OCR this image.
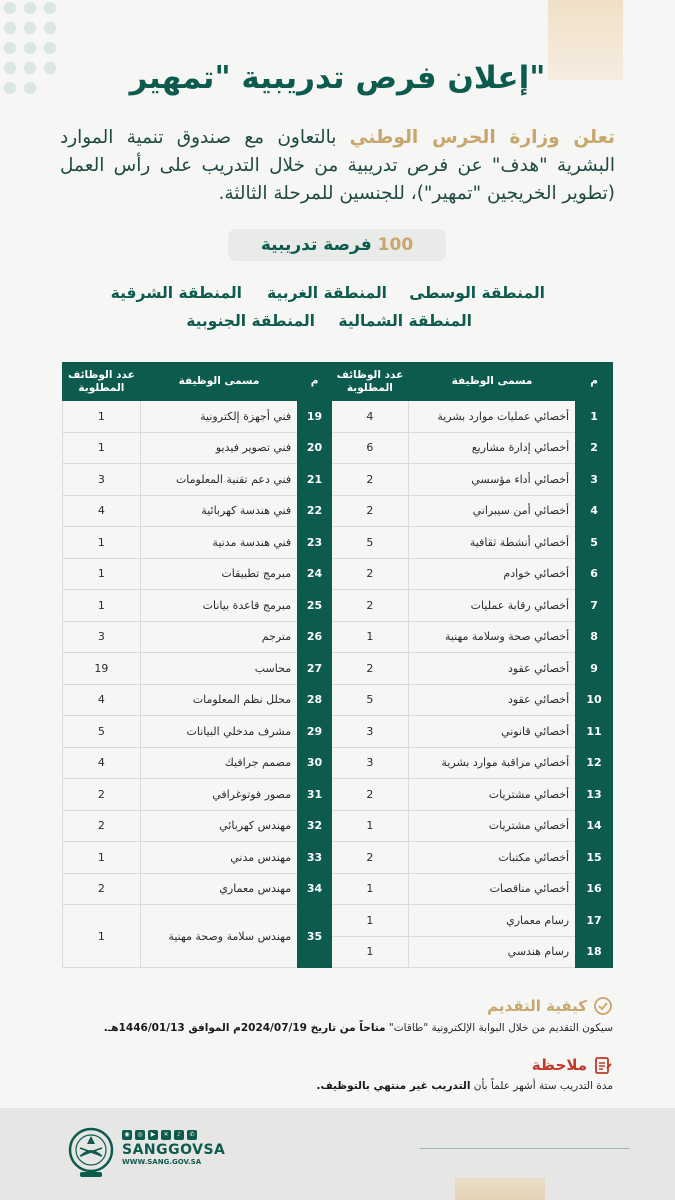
"إعلان فرص تدريبية "تمهير

تعلن وزارة الحرس الوطني بالتعاون مع صندوق تنمية الموارد البشرية "هدف" عن فرص تدريبية من خلال التدريب على رأس العمل (تطوير الخريجين "تمهير")، للجنسين للمرحلة الثالثة.

100 فرصة تدريبية
المنطقة الوسطى
المنطقة الغربية
المنطقة الشرقية
المنطقة الشمالية
المنطقة الجنوبية
م	مسمى الوظيفة	عدد الوظائف المطلوبة
1	أخصائي عمليات موارد بشرية	4
2	أخصائي إدارة مشاريع	6
3	أخصائي أداء مؤسسي	2
4	أخصائي أمن سيبراني	2
5	أخصائي أنشطة ثقافية	5
6	أخصائي خوادم	2
7	أخصائي رقابة عمليات	2
8	أخصائي صحة وسلامة مهنية	1
9	أخصائي عقود	2
10	أخصائي عقود	5
11	أخصائي قانوني	3
12	أخصائي مراقبة موارد بشرية	3
13	أخصائي مشتريات	2
14	أخصائي مشتريات	1
15	أخصائي مكتبات	2
16	أخصائي مناقصات	1
17	رسام معماري	1
18	رسام هندسي	1
م	مسمى الوظيفة	عدد الوظائف المطلوبة
19	فني أجهزة إلكترونية	1
20	فني تصوير فيديو	1
21	فني دعم تقنية المعلومات	3
22	فني هندسة كهربائية	4
23	فني هندسة مدنية	1
24	مبرمج تطبيقات	1
25	مبرمج قاعدة بيانات	1
26	مترجم	3
27	محاسب	19
28	محلل نظم المعلومات	4
29	مشرف مدخلي البيانات	5
30	مصمم جرافيك	4
31	مصور فوتوغرافي	2
32	مهندس كهربائي	2
33	مهندس مدني	1
34	مهندس معماري	2
35	مهندس سلامة وصحة مهنية	1
كيفية التقديم
سيكون التقديم من خلال البوابة الإلكترونية "طاقات" متاحاً من تاريخ 2024/07/19م الموافق 1446/01/13هـ.
ملاحظة
مدة التدريب ستة أشهر علماً بأن التدريب غير منتهي بالتوظيف.
◉	◎	▶	✕	♪	✆
SANGGOVSA
WWW.SANG.GOV.SA
